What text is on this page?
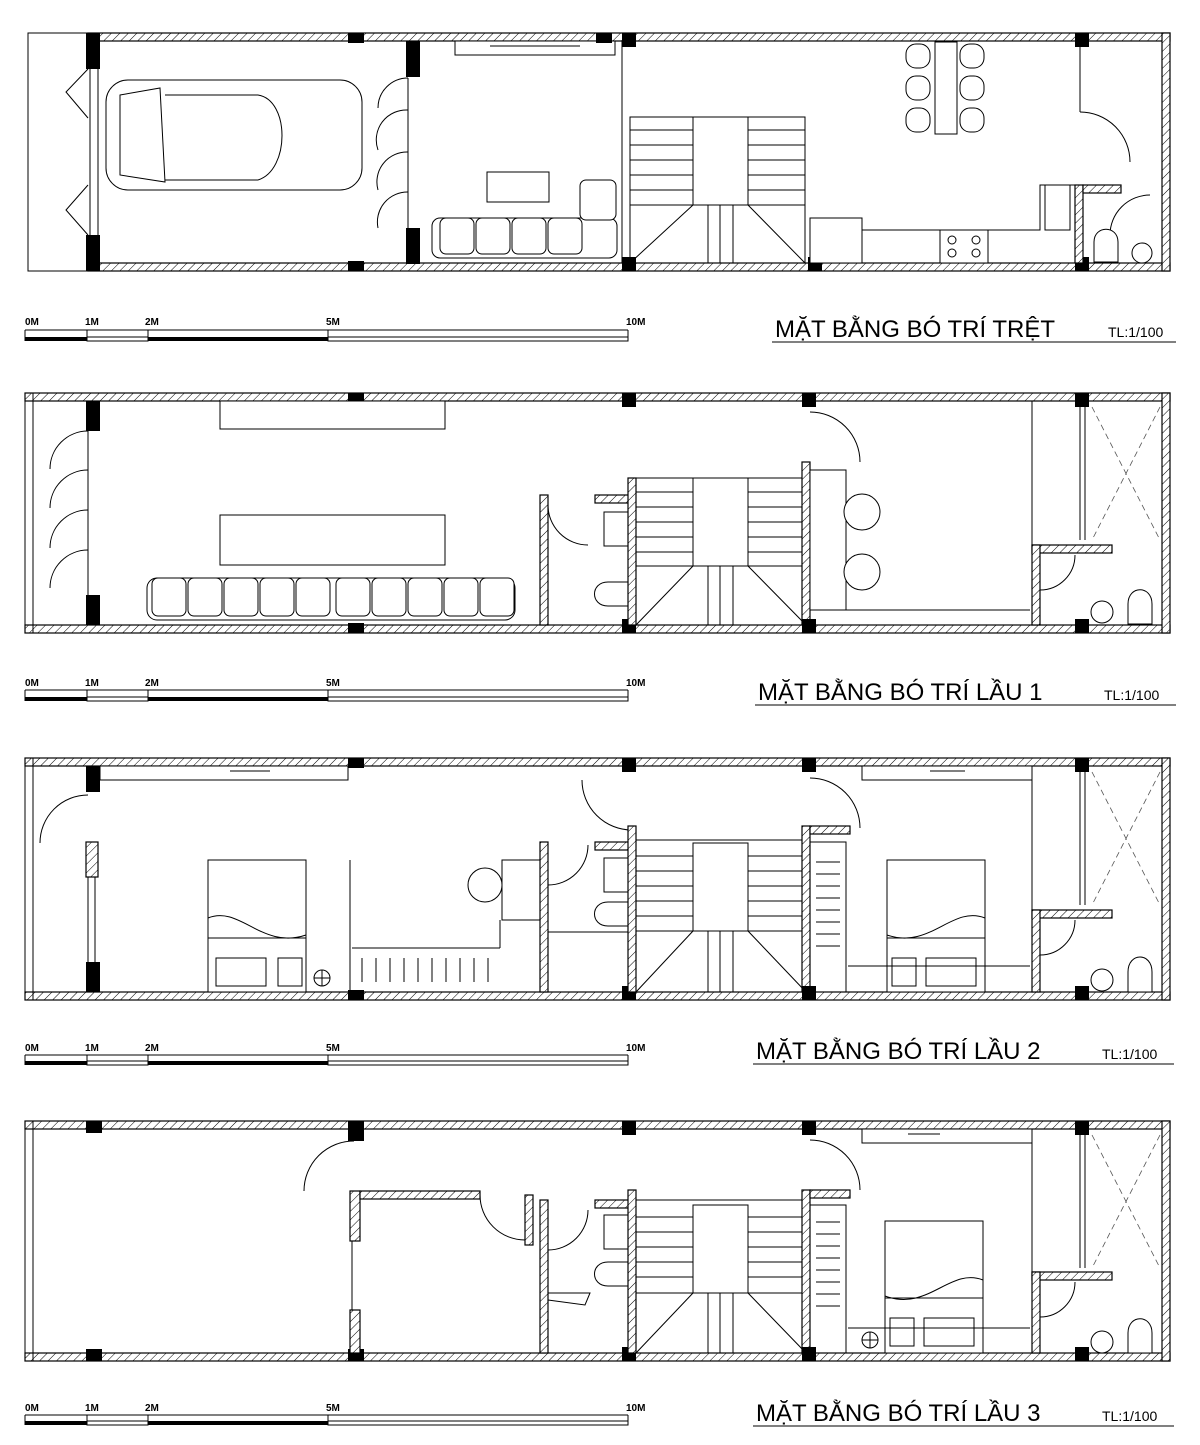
0M	1M	2M	5M	10M	MẶT BẰNG BÓ TRÍ TRỆT	TL:1/100
0M	1M	2M	5M	10M	MẶT BẰNG BÓ TRÍ LẦU 1	TL:1/100
0M	1M	2M	5M	10M	MẶT BẰNG BÓ TRÍ LẦU 2	TL:1/100
0M	1M	2M	5M	10M	MẶT BẰNG BÓ TRÍ LẦU 3	TL:1/100
